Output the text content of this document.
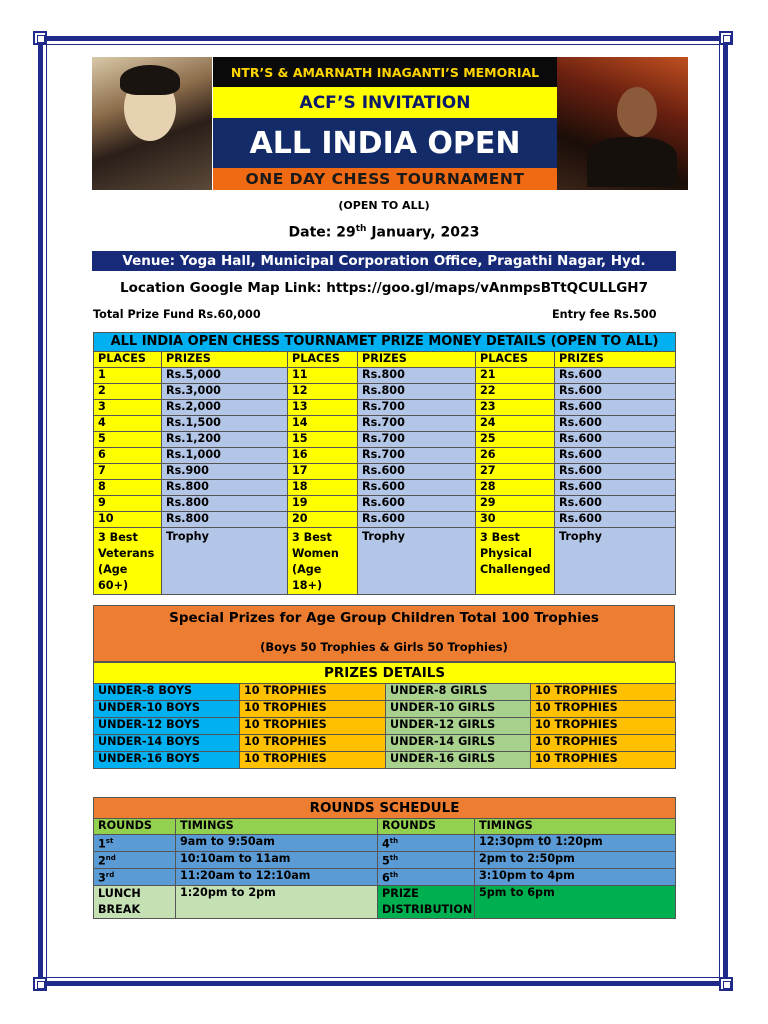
NTR’S & AMARNATH INAGANTI’S MEMORIAL
ACF’S INVITATION
ALL INDIA OPEN
ONE DAY CHESS TOURNAMENT
(OPEN TO ALL)
Date: 29th January, 2023
Venue: Yoga Hall, Municipal Corporation Office, Pragathi Nagar, Hyd.
Location Google Map Link: https://goo.gl/maps/vAnmpsBTtQCULLGH7
Total Prize Fund Rs.60,000	Entry fee Rs.500
ALL INDIA OPEN CHESS TOURNAMET PRIZE MONEY DETAILS (OPEN TO ALL)					
PLACES	PRIZES	PLACES	PRIZES	PLACES	PRIZES
1	Rs.5,000	11	Rs.800	21	Rs.600
2	Rs.3,000	12	Rs.800	22	Rs.600
3	Rs.2,000	13	Rs.700	23	Rs.600
4	Rs.1,500	14	Rs.700	24	Rs.600
5	Rs.1,200	15	Rs.700	25	Rs.600
6	Rs.1,000	16	Rs.700	26	Rs.600
7	Rs.900	17	Rs.600	27	Rs.600
8	Rs.800	18	Rs.600	28	Rs.600
9	Rs.800	19	Rs.600	29	Rs.600
10	Rs.800	20	Rs.600	30	Rs.600
3 Best Veterans (Age 60+)	Trophy	3 Best Women (Age 18+)	Trophy	3 Best Physical Challenged	Trophy
Special Prizes for Age Group Children Total 100 Trophies
(Boys 50 Trophies & Girls 50 Trophies)
PRIZES DETAILS			
UNDER-8 BOYS	10 TROPHIES	UNDER-8 GIRLS	10 TROPHIES
UNDER-10 BOYS	10 TROPHIES	UNDER-10 GIRLS	10 TROPHIES
UNDER-12 BOYS	10 TROPHIES	UNDER-12 GIRLS	10 TROPHIES
UNDER-14 BOYS	10 TROPHIES	UNDER-14 GIRLS	10 TROPHIES
UNDER-16 BOYS	10 TROPHIES	UNDER-16 GIRLS	10 TROPHIES
ROUNDS SCHEDULE			
ROUNDS	TIMINGS	ROUNDS	TIMINGS
1st	9am to 9:50am	4th	12:30pm t0 1:20pm
2nd	10:10am to 11am	5th	2pm to 2:50pm
3rd	11:20am to 12:10am	6th	3:10pm to 4pm
LUNCH BREAK	1:20pm to 2pm	PRIZE DISTRIBUTION	5pm to 6pm
